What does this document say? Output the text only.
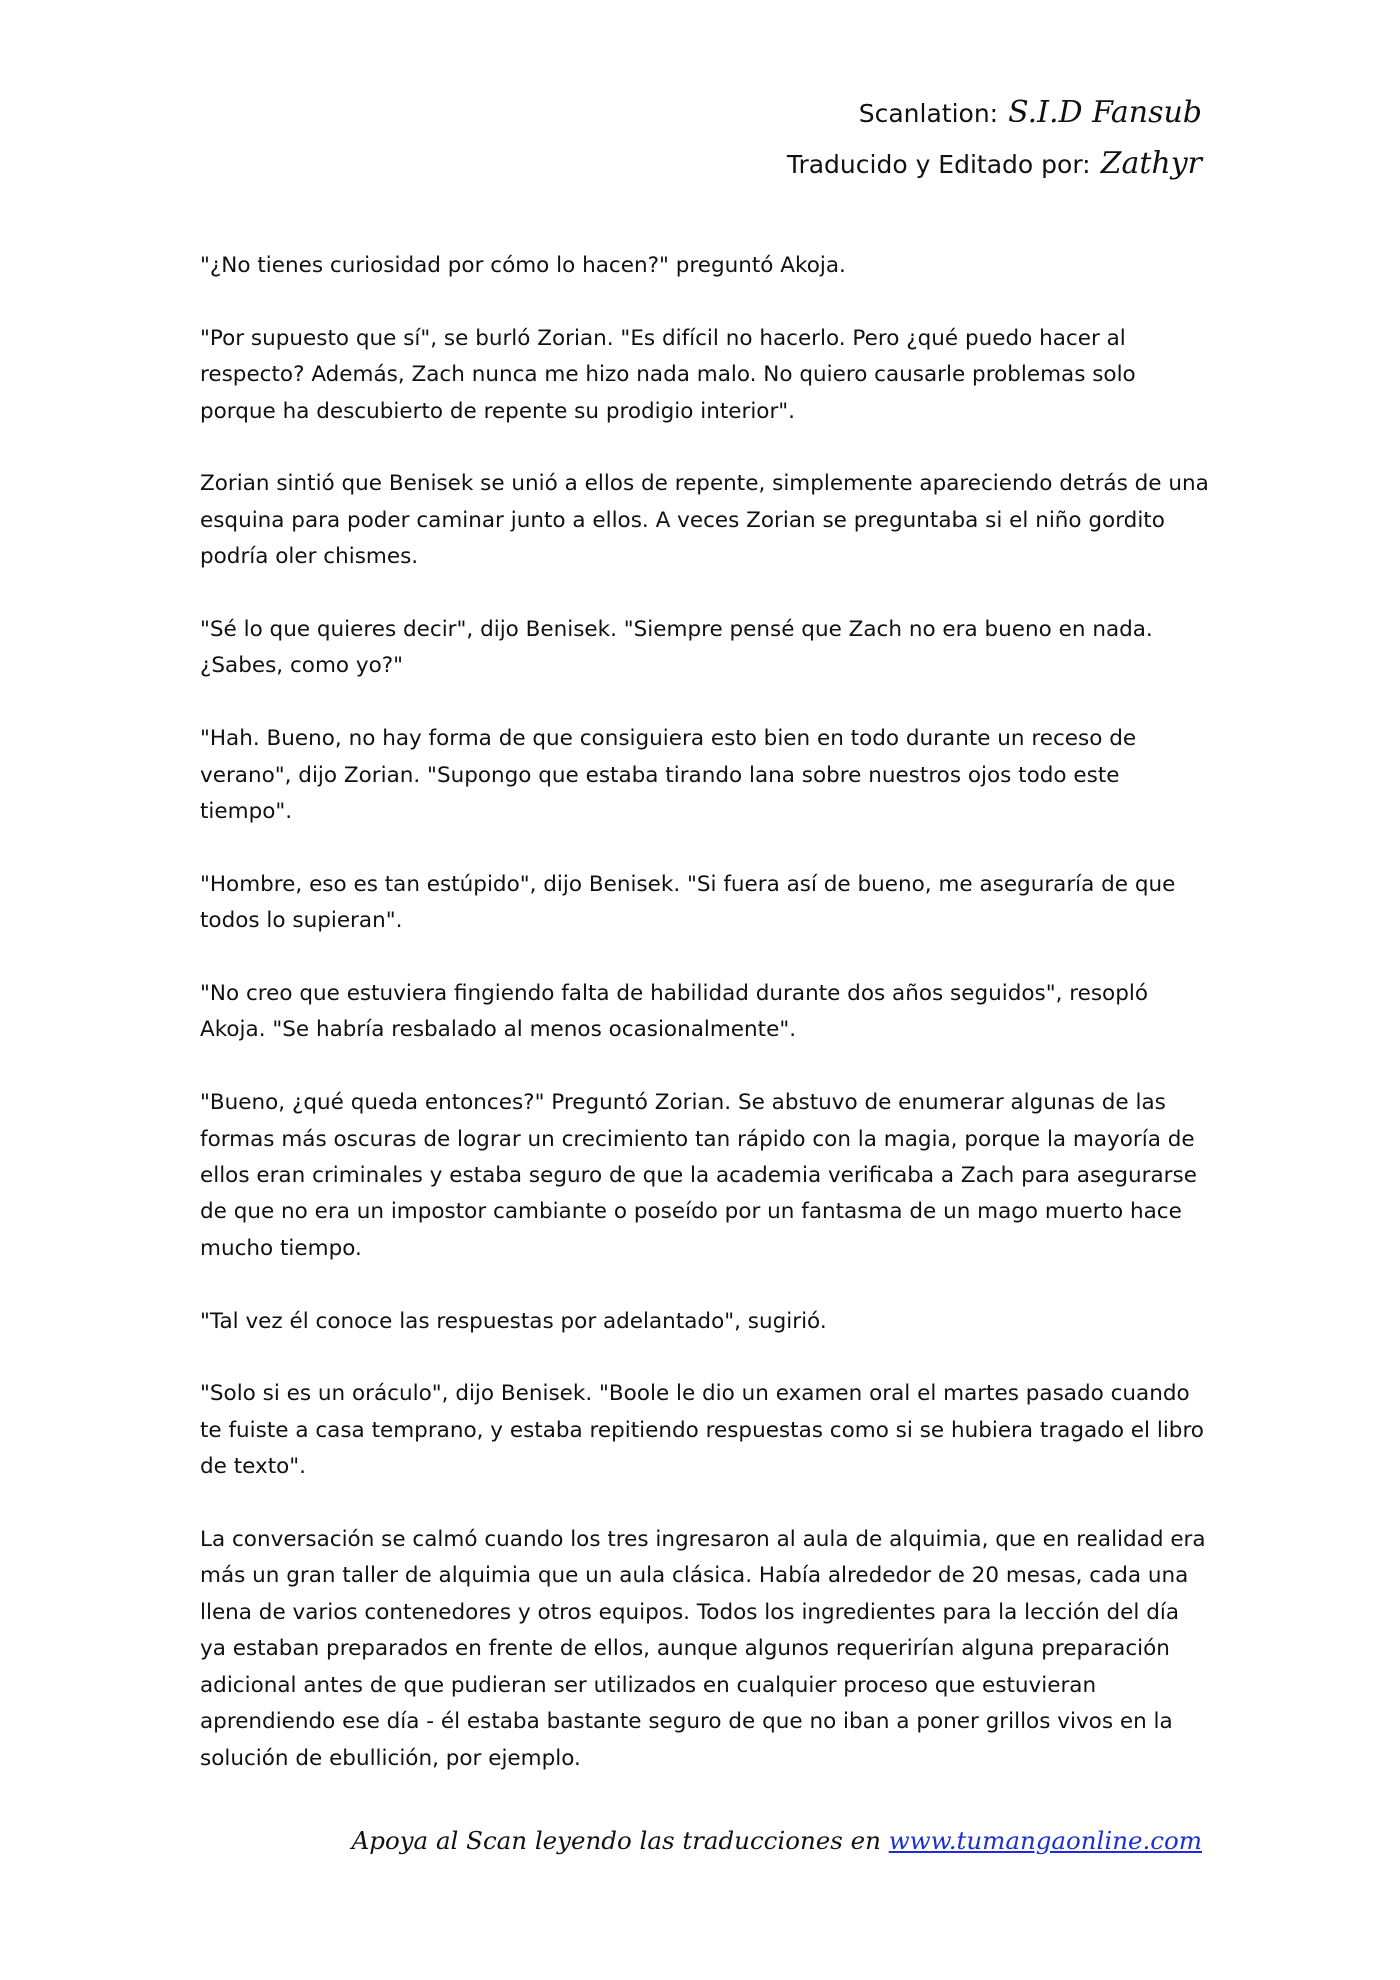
Scanlation: S.I.D Fansub
Traducido y Editado por: Zathyr

"¿No tienes curiosidad por cómo lo hacen?" preguntó Akoja.

"Por supuesto que sí", se burló Zorian. "Es difícil no hacerlo. Pero ¿qué puedo hacer al respecto? Además, Zach nunca me hizo nada malo. No quiero causarle problemas solo porque ha descubierto de repente su prodigio interior".

Zorian sintió que Benisek se unió a ellos de repente, simplemente apareciendo detrás de una esquina para poder caminar junto a ellos. A veces Zorian se preguntaba si el niño gordito podría oler chismes.

"Sé lo que quieres decir", dijo Benisek. "Siempre pensé que Zach no era bueno en nada. ¿Sabes, como yo?"

"Hah. Bueno, no hay forma de que consiguiera esto bien en todo durante un receso de verano", dijo Zorian. "Supongo que estaba tirando lana sobre nuestros ojos todo este tiempo".

"Hombre, eso es tan estúpido", dijo Benisek. "Si fuera así de bueno, me aseguraría de que todos lo supieran".

"No creo que estuviera fingiendo falta de habilidad durante dos años seguidos", resopló Akoja. "Se habría resbalado al menos ocasionalmente".

"Bueno, ¿qué queda entonces?" Preguntó Zorian. Se abstuvo de enumerar algunas de las formas más oscuras de lograr un crecimiento tan rápido con la magia, porque la mayoría de ellos eran criminales y estaba seguro de que la academia verificaba a Zach para asegurarse de que no era un impostor cambiante o poseído por un fantasma de un mago muerto hace mucho tiempo.

"Tal vez él conoce las respuestas por adelantado", sugirió.

"Solo si es un oráculo", dijo Benisek. "Boole le dio un examen oral el martes pasado cuando te fuiste a casa temprano, y estaba repitiendo respuestas como si se hubiera tragado el libro de texto".

La conversación se calmó cuando los tres ingresaron al aula de alquimia, que en realidad era más un gran taller de alquimia que un aula clásica. Había alrededor de 20 mesas, cada una llena de varios contenedores y otros equipos. Todos los ingredientes para la lección del día ya estaban preparados en frente de ellos, aunque algunos requerirían alguna preparación adicional antes de que pudieran ser utilizados en cualquier proceso que estuvieran aprendiendo ese día - él estaba bastante seguro de que no iban a poner grillos vivos en la solución de ebullición, por ejemplo.

Apoya al Scan leyendo las traducciones en www.tumangaonline.com
